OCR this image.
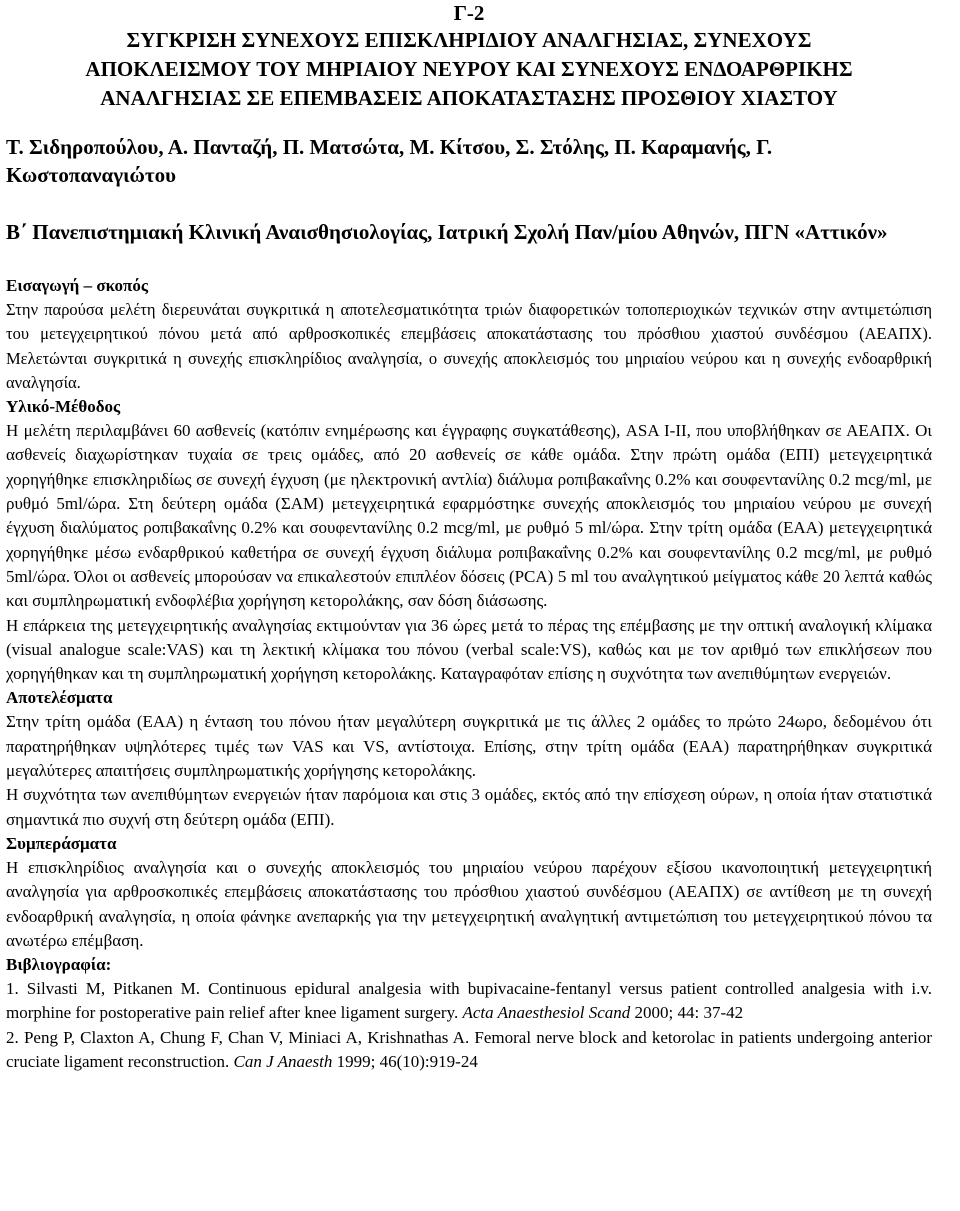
Γ-2

ΣΥΓΚΡΙΣΗ ΣΥΝΕΧΟΥΣ ΕΠΙΣΚΛΗΡΙΔΙΟΥ ΑΝΑΛΓΗΣΙΑΣ, ΣΥΝΕΧΟΥΣ

ΑΠΟΚΛΕΙΣΜΟΥ ΤΟΥ ΜΗΡΙΑΙΟΥ ΝΕΥΡΟΥ ΚΑΙ ΣΥΝΕΧΟΥΣ ΕΝΔΟΑΡΘΡΙΚΗΣ

ΑΝΑΛΓΗΣΙΑΣ ΣΕ ΕΠΕΜΒΑΣΕΙΣ ΑΠΟΚΑΤΑΣΤΑΣΗΣ ΠΡΟΣΘΙΟΥ ΧΙΑΣΤΟΥ

Τ. Σιδηροπούλου, Α. Πανταζή, Π. Ματσώτα, Μ. Κίτσου, Σ. Στόλης, Π. Καραμανής, Γ. Κωστοπαναγιώτου

Β΄ Πανεπιστημιακή Κλινική Αναισθησιολογίας, Ιατρική Σχολή Παν/μίου Αθηνών, ΠΓΝ «Αττικόν»

Εισαγωγή – σκοπός

Στην παρούσα μελέτη διερευνάται συγκριτικά η αποτελεσματικότητα τριών διαφορετικών τοποπεριοχικών τεχνικών στην αντιμετώπιση του μετεγχειρητικού πόνου μετά από αρθροσκοπικές επεμβάσεις αποκατάστασης του πρόσθιου χιαστού συνδέσμου (ΑΕΑΠΧ). Μελετώνται συγκριτικά η συνεχής επισκληρίδιος αναλγησία, ο συνεχής αποκλεισμός του μηριαίου νεύρου και η συνεχής ενδοαρθρική αναλγησία.

Υλικό-Μέθοδος

Η μελέτη περιλαμβάνει 60 ασθενείς (κατόπιν ενημέρωσης και έγγραφης συγκατάθεσης), ASA I-II, που υποβλήθηκαν σε ΑΕΑΠΧ. Οι ασθενείς διαχωρίστηκαν τυχαία σε τρεις ομάδες, από 20 ασθενείς σε κάθε ομάδα. Στην πρώτη ομάδα (ΕΠΙ) μετεγχειρητικά χορηγήθηκε επισκληριδίως σε συνεχή έγχυση (με ηλεκτρονική αντλία) διάλυμα ροπιβακαΐνης 0.2% και σουφεντανίλης 0.2 mcg/ml, με ρυθμό 5ml/ώρα. Στη δεύτερη ομάδα (ΣΑΜ) μετεγχειρητικά εφαρμόστηκε συνεχής αποκλεισμός του μηριαίου νεύρου με συνεχή έγχυση διαλύματος ροπιβακαΐνης 0.2% και σουφεντανίλης 0.2 mcg/ml, με ρυθμό 5 ml/ώρα. Στην τρίτη ομάδα (ΕΑΑ) μετεγχειρητικά χορηγήθηκε μέσω ενδαρθρικού καθετήρα σε συνεχή έγχυση διάλυμα ροπιβακαΐνης 0.2% και σουφεντανίλης 0.2 mcg/ml, με ρυθμό 5ml/ώρα. Όλοι οι ασθενείς μπορούσαν να επικαλεστούν επιπλέον δόσεις (PCA) 5 ml του αναλγητικού μείγματος κάθε 20 λεπτά καθώς και συμπληρωματική ενδοφλέβια χορήγηση κετορολάκης, σαν δόση διάσωσης.

Η επάρκεια της μετεγχειρητικής αναλγησίας εκτιμούνταν για 36 ώρες μετά το πέρας της επέμβασης με την οπτική αναλογική κλίμακα (visual analogue scale:VAS) και τη λεκτική κλίμακα του πόνου (verbal scale:VS), καθώς και με τον αριθμό των επικλήσεων που χορηγήθηκαν και τη συμπληρωματική χορήγηση κετορολάκης. Καταγραφόταν επίσης η συχνότητα των ανεπιθύμητων ενεργειών.

Αποτελέσματα

Στην τρίτη ομάδα (ΕΑΑ) η ένταση του πόνου ήταν μεγαλύτερη συγκριτικά με τις άλλες 2 ομάδες το πρώτο 24ωρο, δεδομένου ότι παρατηρήθηκαν υψηλότερες τιμές των VAS και VS, αντίστοιχα. Επίσης, στην τρίτη ομάδα (ΕΑΑ) παρατηρήθηκαν συγκριτικά μεγαλύτερες απαιτήσεις συμπληρωματικής χορήγησης κετορολάκης.

Η συχνότητα των ανεπιθύμητων ενεργειών ήταν παρόμοια και στις 3 ομάδες, εκτός από την επίσχεση ούρων, η οποία ήταν στατιστικά σημαντικά πιο συχνή στη δεύτερη ομάδα (ΕΠΙ).

Συμπεράσματα

Η επισκληρίδιος αναλγησία και ο συνεχής αποκλεισμός του μηριαίου νεύρου παρέχουν εξίσου ικανοποιητική μετεγχειρητική αναλγησία για αρθροσκοπικές επεμβάσεις αποκατάστασης του πρόσθιου χιαστού συνδέσμου (ΑΕΑΠΧ) σε αντίθεση με τη συνεχή ενδοαρθρική αναλγησία, η οποία φάνηκε ανεπαρκής για την μετεγχειρητική αναλγητική αντιμετώπιση του μετεγχειρητικού πόνου τα ανωτέρω επέμβαση.

Βιβλιογραφία:

1. Silvasti M, Pitkanen M. Continuous epidural analgesia with bupivacaine-fentanyl versus patient controlled analgesia with i.v. morphine for postoperative pain relief after knee ligament surgery. Acta Anaesthesiol Scand 2000; 44: 37-42

2. Peng P, Claxton A, Chung F, Chan V, Miniaci A, Krishnathas A. Femoral nerve block and ketorolac in patients undergoing anterior cruciate ligament reconstruction. Can J Anaesth 1999; 46(10):919-24
